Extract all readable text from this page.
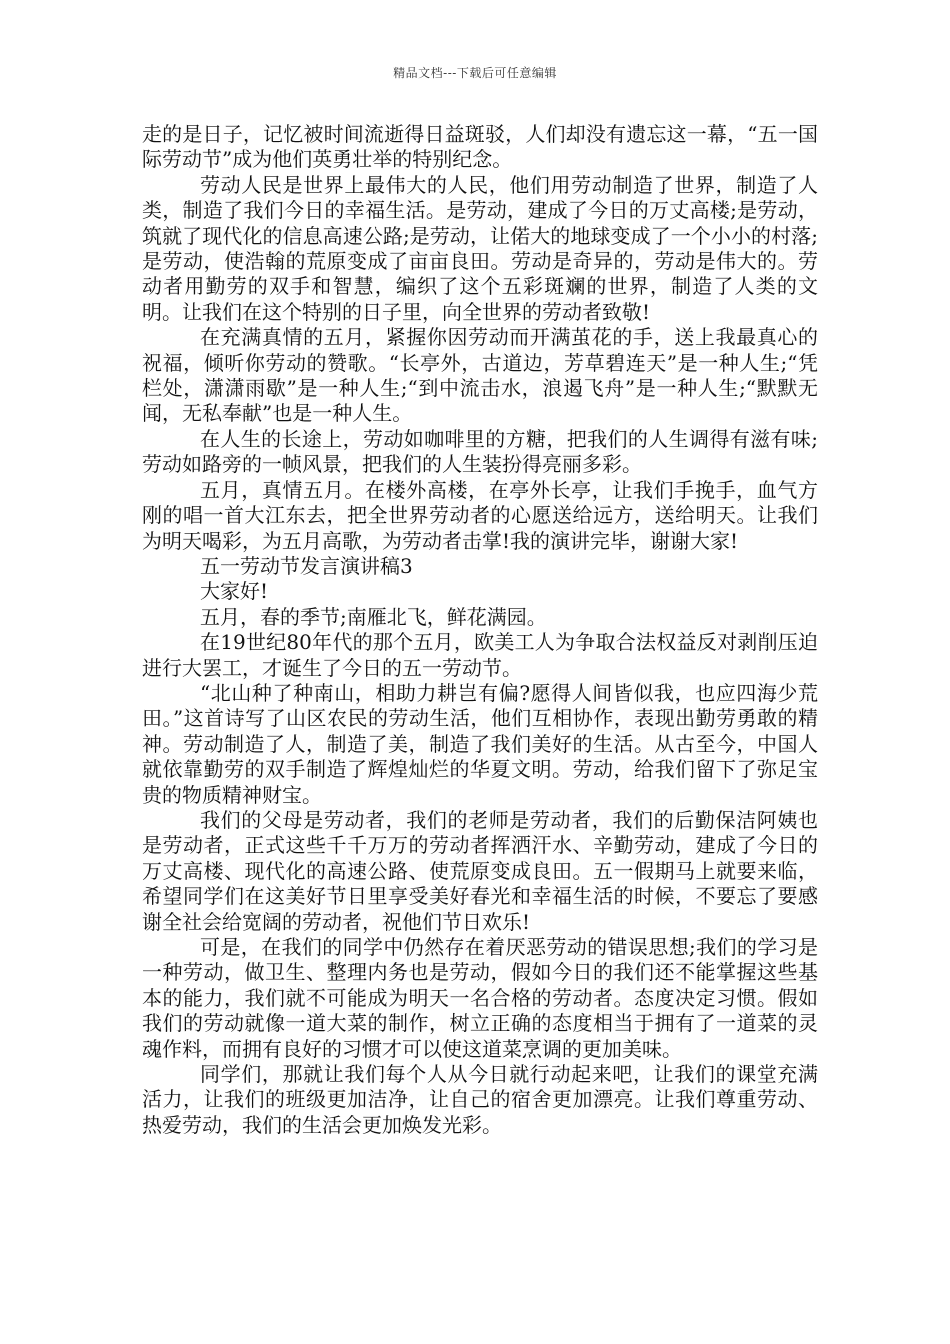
精品文档---下载后可任意编辑

走的是日子，记忆被时间流逝得日益斑驳，人们却没有遗忘这一幕，“五一国际劳动节”成为他们英勇壮举的特别纪念。

劳动人民是世界上最伟大的人民，他们用劳动制造了世界，制造了人类，制造了我们今日的幸福生活。是劳动，建成了今日的万丈高楼;是劳动，筑就了现代化的信息高速公路;是劳动，让偌大的地球变成了一个小小的村落;是劳动，使浩翰的荒原变成了亩亩良田。劳动是奇异的，劳动是伟大的。劳动者用勤劳的双手和智慧，编织了这个五彩斑斓的世界，制造了人类的文明。让我们在这个特别的日子里，向全世界的劳动者致敬!

在充满真情的五月，紧握你因劳动而开满茧花的手，送上我最真心的祝福，倾听你劳动的赞歌。“长亭外，古道边，芳草碧连天”是一种人生;“凭栏处，潇潇雨歇”是一种人生;“到中流击水，浪遏飞舟”是一种人生;“默默无闻，无私奉献”也是一种人生。

在人生的长途上，劳动如咖啡里的方糖，把我们的人生调得有滋有味;劳动如路旁的一帧风景，把我们的人生装扮得亮丽多彩。

五月，真情五月。在楼外高楼，在亭外长亭，让我们手挽手，血气方刚的唱一首大江东去，把全世界劳动者的心愿送给远方，送给明天。让我们为明天喝彩，为五月高歌，为劳动者击掌!我的演讲完毕，谢谢大家!

五一劳动节发言演讲稿3

大家好!

五月，春的季节;南雁北飞，鲜花满园。

在19世纪80年代的那个五月，欧美工人为争取合法权益反对剥削压迫进行大罢工，才诞生了今日的五一劳动节。

“北山种了种南山，相助力耕岂有偏?愿得人间皆似我，也应四海少荒田。”这首诗写了山区农民的劳动生活，他们互相协作，表现出勤劳勇敢的精神。劳动制造了人，制造了美，制造了我们美好的生活。从古至今，中国人就依靠勤劳的双手制造了辉煌灿烂的华夏文明。劳动，给我们留下了弥足宝贵的物质精神财宝。

我们的父母是劳动者，我们的老师是劳动者，我们的后勤保洁阿姨也是劳动者，正式这些千千万万的劳动者挥洒汗水、辛勤劳动，建成了今日的万丈高楼、现代化的高速公路、使荒原变成良田。五一假期马上就要来临，希望同学们在这美好节日里享受美好春光和幸福生活的时候，不要忘了要感谢全社会给宽阔的劳动者，祝他们节日欢乐!

可是，在我们的同学中仍然存在着厌恶劳动的错误思想;我们的学习是一种劳动，做卫生、整理内务也是劳动，假如今日的我们还不能掌握这些基本的能力，我们就不可能成为明天一名合格的劳动者。态度决定习惯。假如我们的劳动就像一道大菜的制作，树立正确的态度相当于拥有了一道菜的灵魂作料，而拥有良好的习惯才可以使这道菜烹调的更加美味。

同学们，那就让我们每个人从今日就行动起来吧，让我们的课堂充满活力，让我们的班级更加洁净，让自己的宿舍更加漂亮。让我们尊重劳动、热爱劳动，我们的生活会更加焕发光彩。
